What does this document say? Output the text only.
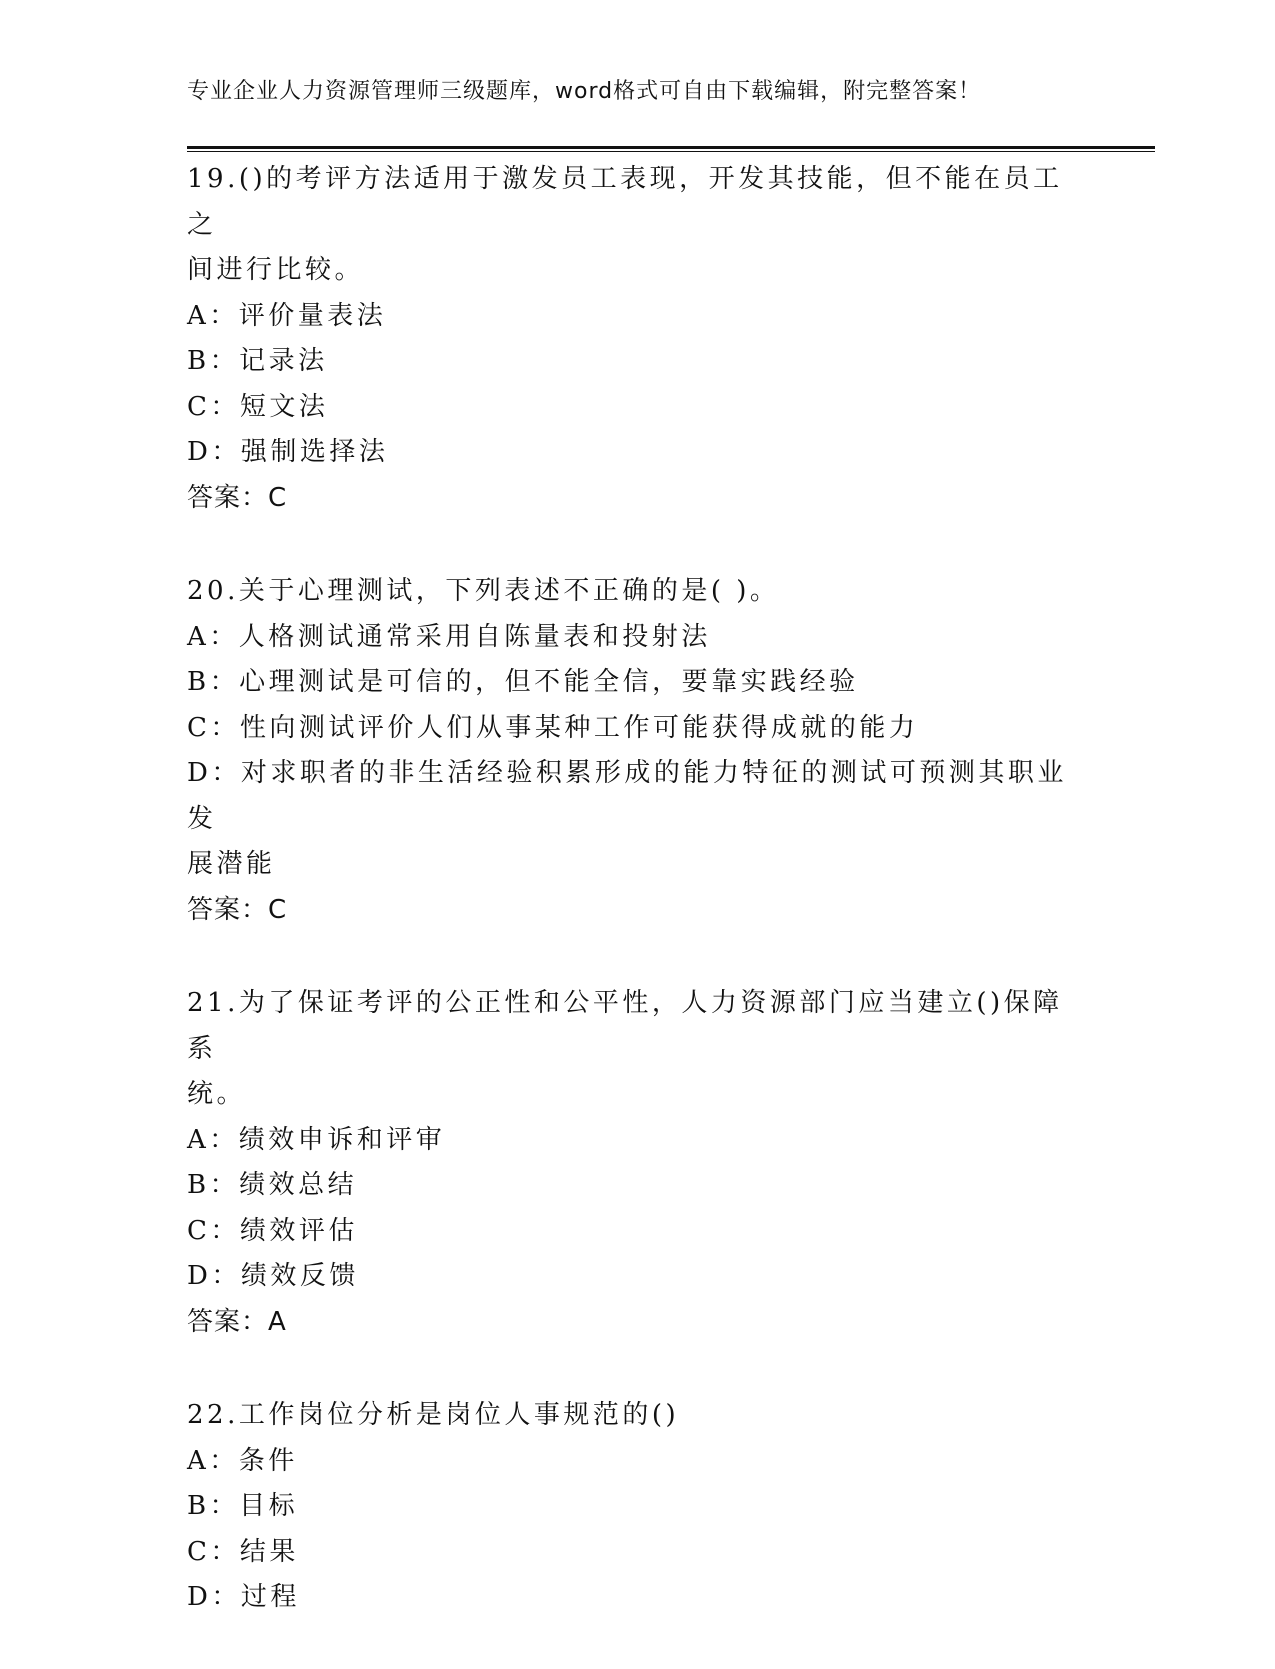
专业企业人力资源管理师三级题库，word格式可自由下载编辑，附完整答案！

19.()的考评方法适用于激发员工表现，开发其技能，但不能在员工之

间进行比较。

A：评价量表法

B：记录法

C：短文法

D：强制选择法

答案：C

20.关于心理测试，下列表述不正确的是( )。

A：人格测试通常采用自陈量表和投射法

B：心理测试是可信的，但不能全信，要靠实践经验

C：性向测试评价人们从事某种工作可能获得成就的能力

D：对求职者的非生活经验积累形成的能力特征的测试可预测其职业发

展潜能

答案：C

21.为了保证考评的公正性和公平性，人力资源部门应当建立()保障系

统。

A：绩效申诉和评审

B：绩效总结

C：绩效评估

D：绩效反馈

答案：A

22.工作岗位分析是岗位人事规范的()

A：条件

B：目标

C：结果

D：过程
